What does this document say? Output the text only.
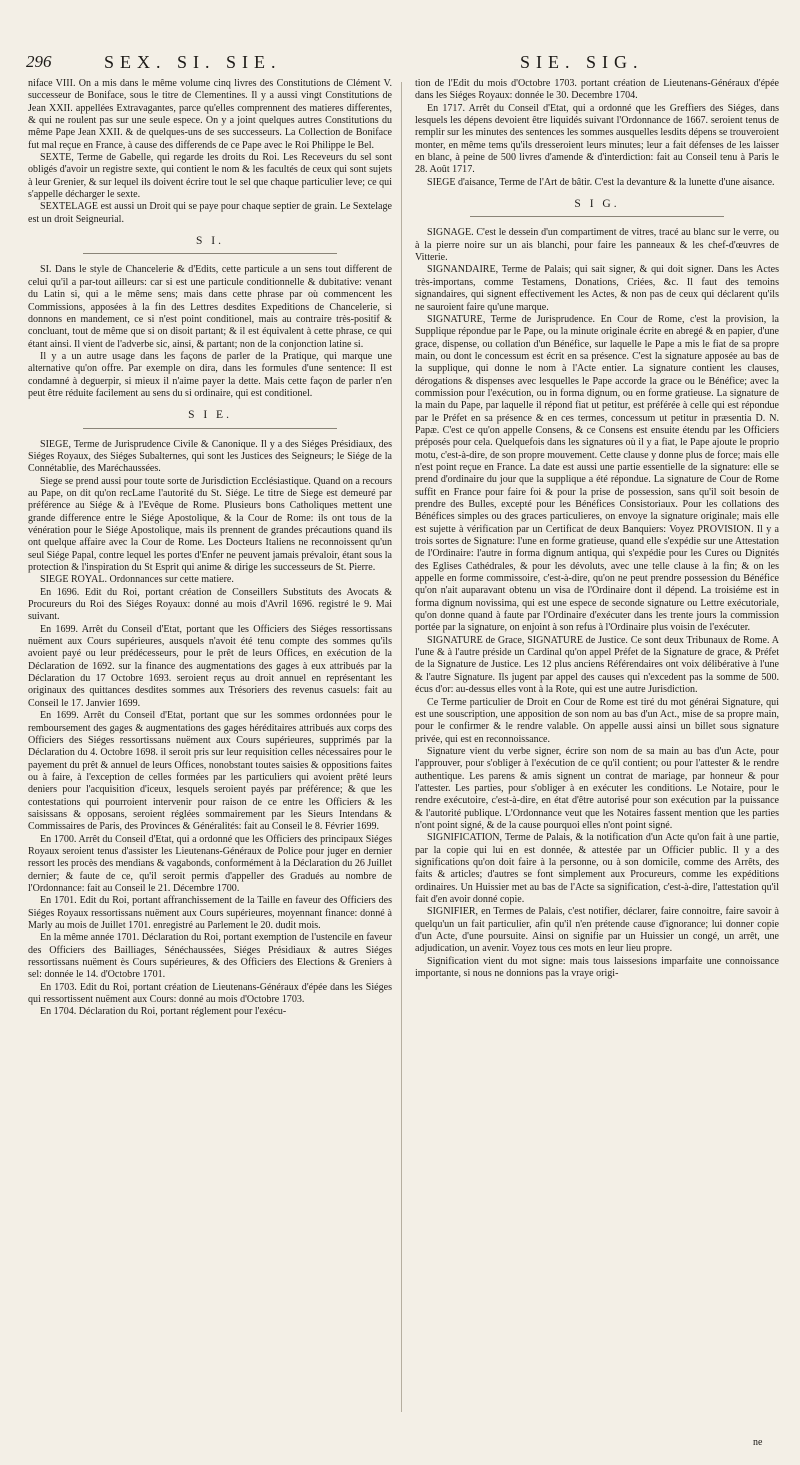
296	SEX. SI. SIE.	SIE. SIG.

niface VIII. On a mis dans le même volume cinq livres des Constitutions de Clément V. successeur de Boniface, sous le titre de Clementines. Il y a aussi vingt Constitutions de Jean XXII. appellées Extravagantes, parce qu'elles comprennent des matieres differentes, & qui ne roulent pas sur une seule espece. On y a joint quelques autres Constitutions du même Pape Jean XXII. & de quelques-uns de ses successeurs. La Collection de Boniface fut mal reçue en France, à cause des differends de ce Pape avec le Roi Philippe le Bel.

SEXTE, Terme de Gabelle, qui regarde les droits du Roi. Les Receveurs du sel sont obligés d'avoir un registre sexte, qui contient le nom & les facultés de ceux qui sont sujets à leur Grenier, & sur lequel ils doivent écrire tout le sel que chaque particulier leve; ce qui s'appelle décharger le sexte.

SEXTELAGE est aussi un Droit qui se paye pour chaque septier de grain. Le Sextelage est un droit Seigneurial.

S I.

SI. Dans le style de Chancelerie & d'Edits, cette particule a un sens tout different de celui qu'il a par-tout ailleurs: car si est une particule conditionnelle & dubitative: venant du Latin si, qui a le même sens; mais dans cette phrase par où commencent les Commissions, apposées à la fin des Lettres desdites Expeditions de Chancelerie, si donnons en mandement, ce si n'est point conditionel, mais au contraire très-positif & concluant, tout de même que si on disoit partant; & il est équivalent à cette phrase, ce qui étant ainsi. Il vient de l'adverbe sic, ainsi, & partant; non de la conjonction latine si.

Il y a un autre usage dans les façons de parler de la Pratique, qui marque une alternative qu'on offre. Par exemple on dira, dans les formules d'une sentence: Il est condamné à deguerpir, si mieux il n'aime payer la dette. Mais cette façon de parler n'en peut être réduite facilement au sens du si ordinaire, qui est conditionel.

S I E.

SIEGE, Terme de Jurisprudence Civile & Canonique. Il y a des Siéges Présidiaux, des Siéges Royaux, des Siéges Subalternes, qui sont les Justices des Seigneurs; le Siége de la Connétablie, des Maréchaussées.

Siege se prend aussi pour toute sorte de Jurisdiction Ecclésiastique. Quand on a recours au Pape, on dit qu'on recLame l'autorité du St. Siége. Le titre de Siege est demeuré par préférence au Siége & à l'Evêque de Rome. Plusieurs bons Catholiques mettent une grande difference entre le Siége Apostolique, & la Cour de Rome: ils ont tous de la vénération pour le Siége Apostolique, mais ils prennent de grandes précautions quand ils ont quelque affaire avec la Cour de Rome. Les Docteurs Italiens ne reconnoissent qu'un seul Siége Papal, contre lequel les portes d'Enfer ne peuvent jamais prévaloir, étant sous la protection & l'inspiration du St Esprit qui anime & dirige les successeurs de St. Pierre.

SIEGE ROYAL. Ordonnances sur cette matiere.

En 1696. Edit du Roi, portant création de Conseillers Substituts des Avocats & Procureurs du Roi des Siéges Royaux: donné au mois d'Avril 1696. registré le 9. Mai suivant.

En 1699. Arrêt du Conseil d'Etat, portant que les Officiers des Siéges ressortissans nuëment aux Cours supérieures, ausquels n'avoit été tenu compte des sommes qu'ils avoient payé ou leur prédécesseurs, pour le prêt de leurs Offices, en exécution de la Déclaration de 1692. sur la finance des augmentations des gages à eux attribués par la Déclaration du 17 Octobre 1693. seroient reçus au droit annuel en représentant les originaux des quittances desdites sommes aux Trésoriers des revenus casuels: fait au Conseil le 17. Janvier 1699.

En 1699. Arrêt du Conseil d'Etat, portant que sur les sommes ordonnées pour le remboursement des gages & augmentations des gages héréditaires attribués aux corps des Officiers des Siéges ressortissans nuëment aux Cours supérieures, supprimés par la Déclaration du 4. Octobre 1698. il seroit pris sur leur requisition celles nécessaires pour le payement du prêt & annuel de leurs Offices, nonobstant toutes saisies & oppositions faites ou à faire, à l'exception de celles formées par les particuliers qui avoient prêté leurs deniers pour l'acquisition d'iceux, lesquels seroient payés par préférence; & que les contestations qui pourroient intervenir pour raison de ce entre les Officiers & les saisissans & opposans, seroient réglées sommairement par les Sieurs Intendans & Commissaires de Paris, des Provinces & Généralités: fait au Conseil le 8. Février 1699.

En 1700. Arrêt du Conseil d'Etat, qui a ordonné que les Officiers des principaux Siéges Royaux seroient tenus d'assister les Lieutenans-Généraux de Police pour juger en dernier ressort les procès des mendians & vagabonds, conformément à la Déclaration du 26 Juillet dernier; & faute de ce, qu'il seroit permis d'appeller des Gradués au nombre de l'Ordonnance: fait au Conseil le 21. Décembre 1700.

En 1701. Edit du Roi, portant affranchissement de la Taille en faveur des Officiers des Siéges Royaux ressortissans nuëment aux Cours supérieures, moyennant finance: donné à Marly au mois de Juillet 1701. enregistré au Parlement le 20. dudit mois.

En la même année 1701. Déclaration du Roi, portant exemption de l'ustencile en faveur des Officiers des Bailliages, Sénéchaussées, Siéges Présidiaux & autres Siéges ressortissans nuëment ès Cours supérieures, & des Officiers des Elections & Greniers à sel: donnée le 14. d'Octobre 1701.

En 1703. Edit du Roi, portant création de Lieutenans-Généraux d'épée dans les Siéges qui ressortissent nuëment aux Cours: donné au mois d'Octobre 1703.

En 1704. Déclaration du Roi, portant réglement pour l'exécu-

tion de l'Edit du mois d'Octobre 1703. portant création de Lieutenans-Généraux d'épée dans les Siéges Royaux: donnée le 30. Decembre 1704.

En 1717. Arrêt du Conseil d'Etat, qui a ordonné que les Greffiers des Siéges, dans lesquels les dépens devoient être liquidés suivant l'Ordonnance de 1667. seroient tenus de remplir sur les minutes des sentences les sommes ausquelles lesdits dépens se trouveroient monter, en même tems qu'ils dresseroient leurs minutes; leur a fait défenses de les laisser en blanc, à peine de 500 livres d'amende & d'interdiction: fait au Conseil tenu à Paris le 28. Août 1717.

SIEGE d'aisance, Terme de l'Art de bâtir. C'est la devanture & la lunette d'une aisance.

S I G.

SIGNAGE. C'est le dessein d'un compartiment de vitres, tracé au blanc sur le verre, ou à la pierre noire sur un ais blanchi, pour faire les panneaux & les chef-d'œuvres de Vitterie.

SIGNANDAIRE, Terme de Palais; qui sait signer, & qui doit signer. Dans les Actes très-importans, comme Testamens, Donations, Criées, &c. Il faut des temoins signandaires, qui signent effectivement les Actes, & non pas de ceux qui déclarent qu'ils ne sauroient faire qu'une marque.

SIGNATURE, Terme de Jurisprudence. En Cour de Rome, c'est la provision, la Supplique répondue par le Pape, ou la minute originale écrite en abregé & en papier, d'une grace, dispense, ou collation d'un Bénéfice, sur laquelle le Pape a mis le fiat de sa propre main, ou dont le concessum est écrit en sa présence. C'est la signature apposée au bas de la supplique, qui donne le nom à l'Acte entier. La signature contient les clauses, dérogations & dispenses avec lesquelles le Pape accorde la grace ou le Bénéfice; avec la commission pour l'exécution, ou in forma dignum, ou en forme gratieuse. La signature de la main du Pape, par laquelle il répond fiat ut petitur, est préférée à celle qui est répondue par le Préfet en sa présence & en ces termes, concessum ut petitur in præsentia D. N. Papæ. C'est ce qu'on appelle Consens, & ce Consens est ensuite étendu par les Officiers préposés pour cela. Quelquefois dans les signatures où il y a fiat, le Pape ajoute le proprio motu, c'est-à-dire, de son propre mouvement. Cette clause y donne plus de force; mais elle n'est point reçue en France. La date est aussi une partie essentielle de la signature: elle se prend d'ordinaire du jour que la supplique a été répondue. La signature de Cour de Rome suffit en France pour faire foi & pour la prise de possession, sans qu'il soit besoin de prendre des Bulles, excepté pour les Bénéfices Consistoriaux. Pour les collations des Bénéfices simples ou des graces particulieres, on envoye la signature originale; mais elle est sujette à vérification par un Certificat de deux Banquiers: Voyez PROVISION. Il y a trois sortes de Signature: l'une en forme gratieuse, quand elle s'expédie sur une Attestation de l'Ordinaire: l'autre in forma dignum antiqua, qui s'expédie pour les Cures ou Dignités des Eglises Cathédrales, & pour les dévoluts, avec une telle clause à la fin; & on les appelle en forme commissoire, c'est-à-dire, qu'on ne peut prendre possession du Bénéfice qu'on n'ait auparavant obtenu un visa de l'Ordinaire dont il dépend. La troisiéme est in forma dignum novissima, qui est une espece de seconde signature ou Lettre exécutoriale, qu'on donne quand à faute par l'Ordinaire d'exécuter dans les trente jours la commission portée par la signature, on enjoint à son refus à l'Ordinaire plus voisin de l'exécuter.

SIGNATURE de Grace, SIGNATURE de Justice. Ce sont deux Tribunaux de Rome. A l'une & à l'autre préside un Cardinal qu'on appel Préfet de la Signature de grace, & Préfet de la Signature de Justice. Les 12 plus anciens Référendaires ont voix délibérative à l'une & l'autre Signature. Ils jugent par appel des causes qui n'excedent pas la somme de 500. écus d'or: au-dessus elles vont à la Rote, qui est une autre Jurisdiction.

Ce Terme particulier de Droit en Cour de Rome est tiré du mot générai Signature, qui est une souscription, une apposition de son nom au bas d'un Act., mise de sa propre main, pour le confirmer & le rendre valable. On appelle aussi ainsi un billet sous signature privée, qui est en reconnoissance.

Signature vient du verbe signer, écrire son nom de sa main au bas d'un Acte, pour l'approuver, pour s'obliger à l'exécution de ce qu'il contient; ou pour l'attester & le rendre authentique. Les parens & amis signent un contrat de mariage, par honneur & pour l'attester. Les parties, pour s'obliger à en exécuter les conditions. Le Notaire, pour le rendre exécutoire, c'est-à-dire, en état d'être autorisé pour son exécution par la puissance & l'autorité publique. L'Ordonnance veut que les Notaires fassent mention que les parties n'ont point signé, & de la cause pourquoi elles n'ont point signé.

SIGNIFICATION, Terme de Palais, & la notification d'un Acte qu'on fait à une partie, par la copie qui lui en est donnée, & attestée par un Officier public. Il y a des significations qu'on doit faire à la personne, ou à son domicile, comme des Arrêts, des faits & articles; d'autres se font simplement aux Procureurs, comme les expéditions ordinaires. Un Huissier met au bas de l'Acte sa signification, c'est-à-dire, l'attestation qu'il fait d'en avoir donné copie.

SIGNIFIER, en Termes de Palais, c'est notifier, déclarer, faire connoitre, faire savoir à quelqu'un un fait particulier, afin qu'il n'en prétende cause d'ignorance; lui donner copie d'un Acte, d'une poursuite. Ainsi on signifie par un Huissier un congé, un arrêt, une adjudication, un avenir. Voyez tous ces mots en leur lieu propre.

Signification vient du mot signe: mais tous laissesions imparfaite une connoissance importante, si nous ne donnions pas la vraye origi-

ne
